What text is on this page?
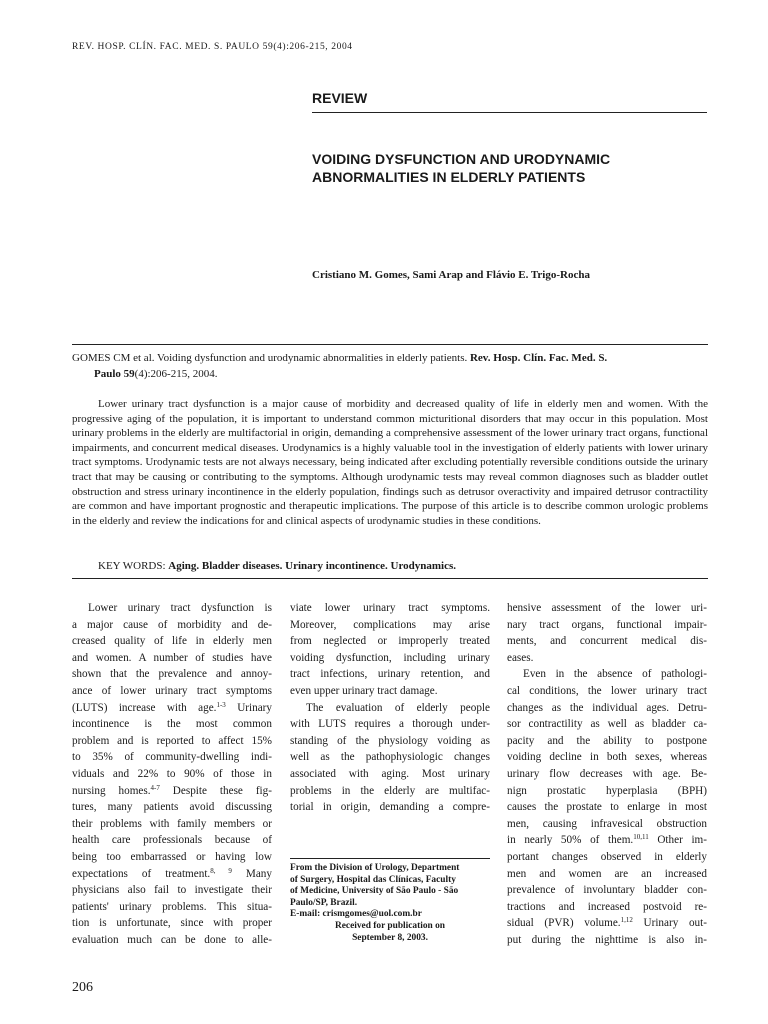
REV. HOSP. CLÍN. FAC. MED. S. PAULO 59(4):206-215, 2004
REVIEW
VOIDING DYSFUNCTION AND URODYNAMIC
ABNORMALITIES IN ELDERLY PATIENTS
Cristiano M. Gomes, Sami Arap and Flávio E. Trigo-Rocha
GOMES CM et al. Voiding dysfunction and urodynamic abnormalities in elderly patients. Rev. Hosp. Clín. Fac. Med. S.
Paulo 59(4):206-215, 2004.
Lower urinary tract dysfunction is a major cause of morbidity and decreased quality of life in elderly men and women. With the progressive aging of the population, it is important to understand common micturitional disorders that may occur in this population. Most urinary problems in the elderly are multifactorial in origin, demanding a comprehensive assessment of the lower urinary tract organs, functional impairments, and concurrent medical diseases. Urodynamics is a highly valuable tool in the investigation of elderly patients with lower urinary tract symptoms. Urodynamic tests are not always necessary, being indicated after excluding potentially reversible conditions outside the urinary tract that may be causing or contributing to the symptoms. Although urodynamic tests may reveal common diagnoses such as bladder outlet obstruction and stress urinary incontinence in the elderly population, findings such as detrusor overactivity and impaired detrusor contractility are common and have important prognostic and therapeutic implications. The purpose of this article is to describe common urologic problems in the elderly and review the indications for and clinical aspects of urodynamic studies in these conditions.
KEY WORDS: Aging. Bladder diseases. Urinary incontinence. Urodynamics.
Lower urinary tract dysfunction is
a major cause of morbidity and de-
creased quality of life in elderly men
and women. A number of studies have
shown that the prevalence and annoy-
ance of lower urinary tract symptoms
(LUTS) increase with age.$^{1-3}$ Urinary
incontinence is the most common
problem and is reported to affect 15%
to 35% of community-dwelling indi-
viduals and 22% to 90% of those in
nursing homes.$^{4-7}$ Despite these fig-
tures, many patients avoid discussing
their problems with family members or
health care professionals because of
being too embarrassed or having low
expectations of treatment.$^{8, 9}$ Many
physicians also fail to investigate their
patients' urinary problems. This situa-
tion is unfortunate, since with proper
evaluation much can be done to alle-
viate lower urinary tract symptoms.
Moreover, complications may arise
from neglected or improperly treated
voiding dysfunction, including urinary
tract infections, urinary retention, and
even upper urinary tract damage.
The evaluation of elderly people
with LUTS requires a thorough under-
standing of the physiology voiding as
well as the pathophysiologic changes
associated with aging. Most urinary
problems in the elderly are multifac-
torial in origin, demanding a compre-
From the Division of Urology, Department
of Surgery, Hospital das Clínicas, Faculty
of Medicine, University of São Paulo - São
Paulo/SP, Brazil.
E-mail: crismgomes@uol.com.br
Received for publication on
September 8, 2003.
hensive assessment of the lower uri-
nary tract organs, functional impair-
ments, and concurrent medical dis-
eases.
Even in the absence of pathologi-
cal conditions, the lower urinary tract
changes as the individual ages. Detru-
sor contractility as well as bladder ca-
pacity and the ability to postpone
voiding decline in both sexes, whereas
urinary flow decreases with age. Be-
nign prostatic hyperplasia (BPH)
causes the prostate to enlarge in most
men, causing infravesical obstruction
in nearly 50% of them.$^{10,11}$ Other im-
portant changes observed in elderly
men and women are an increased
prevalence of involuntary bladder con-
tractions and increased postvoid re-
sidual (PVR) volume.$^{1,12}$ Urinary out-
put during the nighttime is also in-
206
